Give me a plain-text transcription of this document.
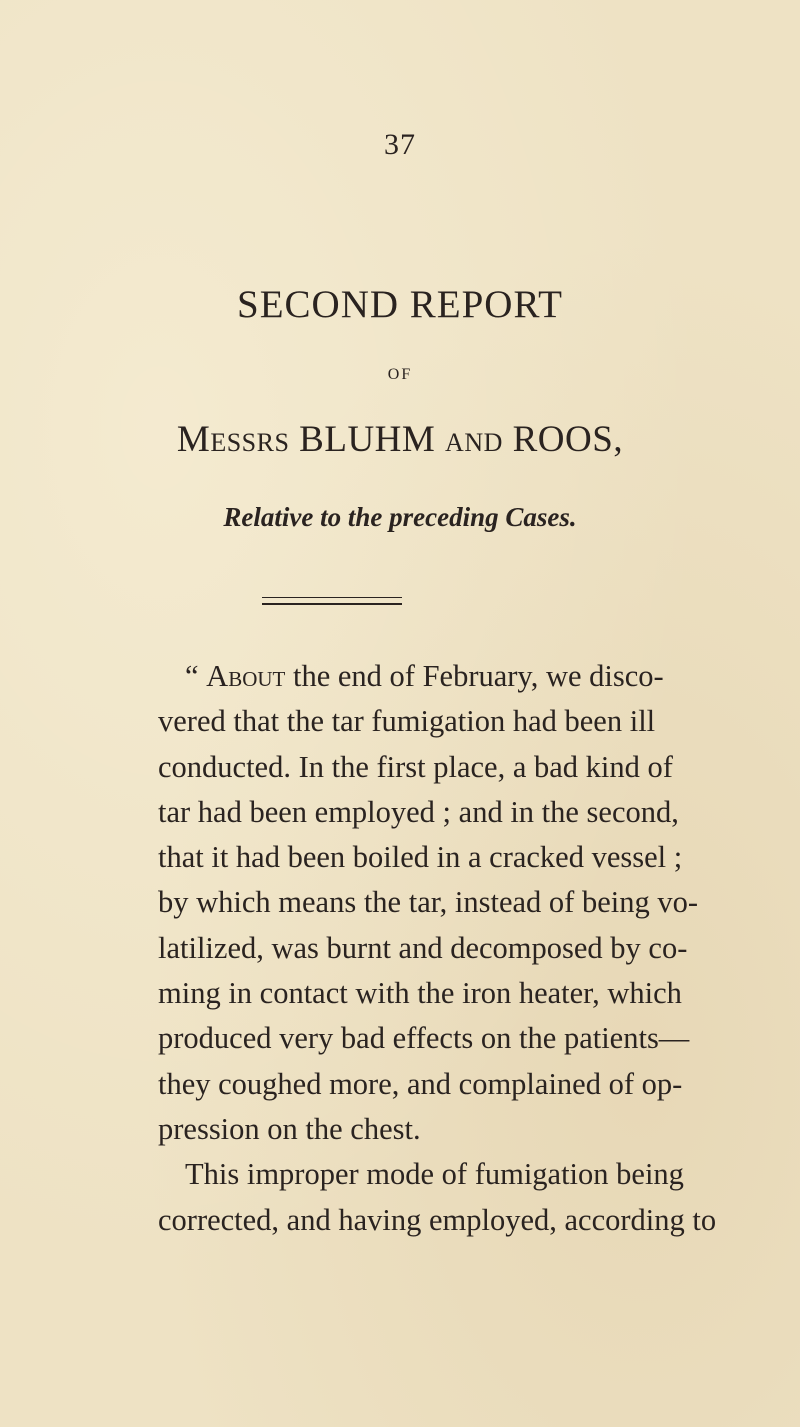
37
SECOND REPORT
OF
Messrs BLUHM and ROOS,
Relative to the preceding Cases.
“ About the end of February, we disco-
vered that the tar fumigation had been ill
conducted. In the first place, a bad kind of
tar had been employed ; and in the second,
that it had been boiled in a cracked vessel ;
by which means the tar, instead of being vo-
latilized, was burnt and decomposed by co-
ming in contact with the iron heater, which
produced very bad effects on the patients—
they coughed more, and complained of op-
pression on the chest.
This improper mode of fumigation being
corrected, and having employed, according to
